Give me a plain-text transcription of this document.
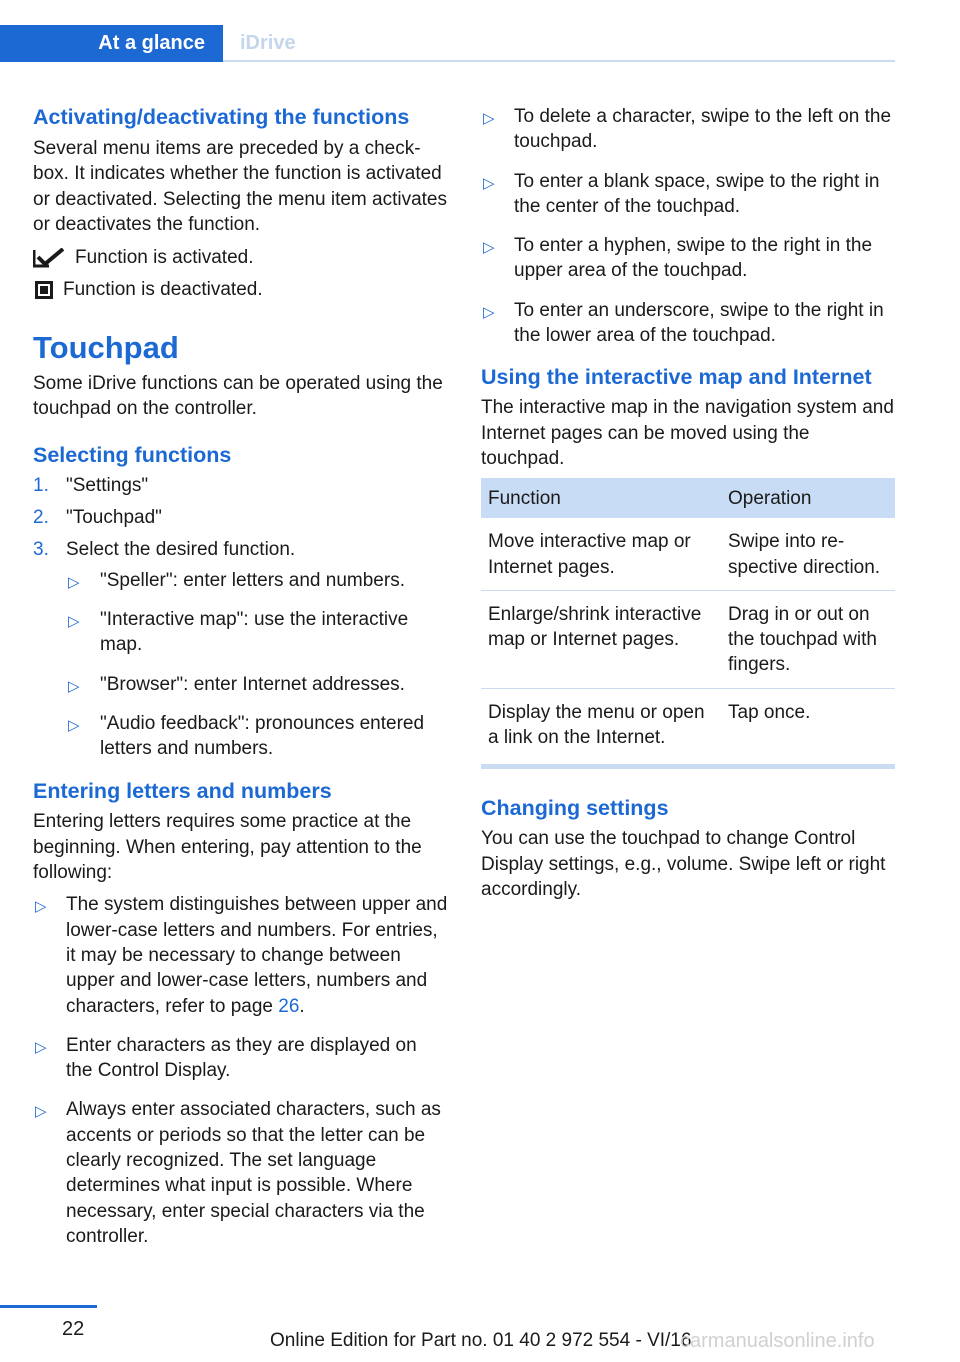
At a glance	iDrive
Activating/deactivating the functions
Several menu items are preceded by a checkbox. It indicates whether the function is activated or deactivated. Selecting the menu item activates or deactivates the function.
Function is activated.
Function is deactivated.
Touchpad
Some iDrive functions can be operated using the touchpad on the controller.
Selecting functions
1. "Settings"
2. "Touchpad"
3. Select the desired function.
▷ "Speller": enter letters and numbers.
▷ "Interactive map": use the interactive map.
▷ "Browser": enter Internet addresses.
▷ "Audio feedback": pronounces entered letters and numbers.
Entering letters and numbers
Entering letters requires some practice at the beginning. When entering, pay attention to the following:
▷ The system distinguishes between upper and lower-case letters and numbers. For entries, it may be necessary to change between upper and lower-case letters, numbers and characters, refer to page 26.
▷ Enter characters as they are displayed on the Control Display.
▷ Always enter associated characters, such as accents or periods so that the letter can be clearly recognized. The set language determines what input is possible. Where necessary, enter special characters via the controller.
▷ To delete a character, swipe to the left on the touchpad.
▷ To enter a blank space, swipe to the right in the center of the touchpad.
▷ To enter a hyphen, swipe to the right in the upper area of the touchpad.
▷ To enter an underscore, swipe to the right in the lower area of the touchpad.
Using the interactive map and Internet
The interactive map in the navigation system and Internet pages can be moved using the touchpad.
Function	Operation
Move interactive map or Internet pages.	Swipe into respective direction.
Enlarge/shrink interactive map or Internet pages.	Drag in or out on the touchpad with fingers.
Display the menu or open a link on the Internet.	Tap once.
Changing settings
You can use the touchpad to change Control Display settings, e.g., volume. Swipe left or right accordingly.
22
Online Edition for Part no. 01 40 2 972 554 - VI/16
carmanualsonline.info
